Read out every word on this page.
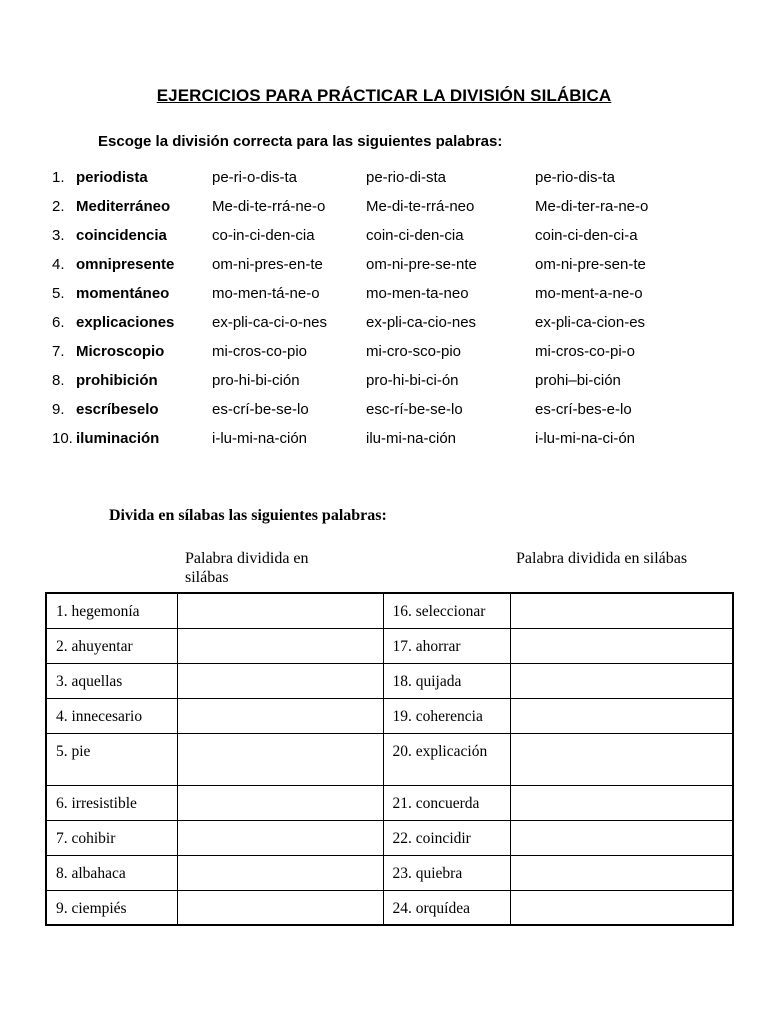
EJERCICIOS PARA PRÁCTICAR LA DIVISIÓN SILÁBICA
Escoge la división correcta para las siguientes palabras:
1. periodista	pe-ri-o-dis-ta	pe-rio-di-sta	pe-rio-dis-ta
2. Mediterráneo	Me-di-te-rrá-ne-o	Me-di-te-rrá-neo	Me-di-ter-ra-ne-o
3. coincidencia	co-in-ci-den-cia	coin-ci-den-cia	coin-ci-den-ci-a
4. omnipresente	om-ni-pres-en-te	om-ni-pre-se-nte	om-ni-pre-sen-te
5. momentáneo	mo-men-tá-ne-o	mo-men-ta-neo	mo-ment-a-ne-o
6. explicaciones	ex-pli-ca-ci-o-nes	ex-pli-ca-cio-nes	ex-pli-ca-cion-es
7. Microscopio	mi-cros-co-pio	mi-cro-sco-pio	mi-cros-co-pi-o
8. prohibición	pro-hi-bi-ción	pro-hi-bi-ci-ón	prohi–bi-ción
9. escríbeselo	es-crí-be-se-lo	esc-rí-be-se-lo	es-crí-bes-e-lo
10. iluminación	i-lu-mi-na-ción	ilu-mi-na-ción	i-lu-mi-na-ci-ón
Divida en sílabas las siguientes palabras:
Palabra dividida en silábas
Palabra dividida en silábas
1. hegemonía		16. seleccionar	
2. ahuyentar		17. ahorrar	
3. aquellas		18. quijada	
4. innecesario		19. coherencia	
5. pie		20. explicación	
6. irresistible		21. concuerda	
7. cohibir		22. coincidir	
8. albahaca		23. quiebra	
9. ciempiés		24. orquídea	
